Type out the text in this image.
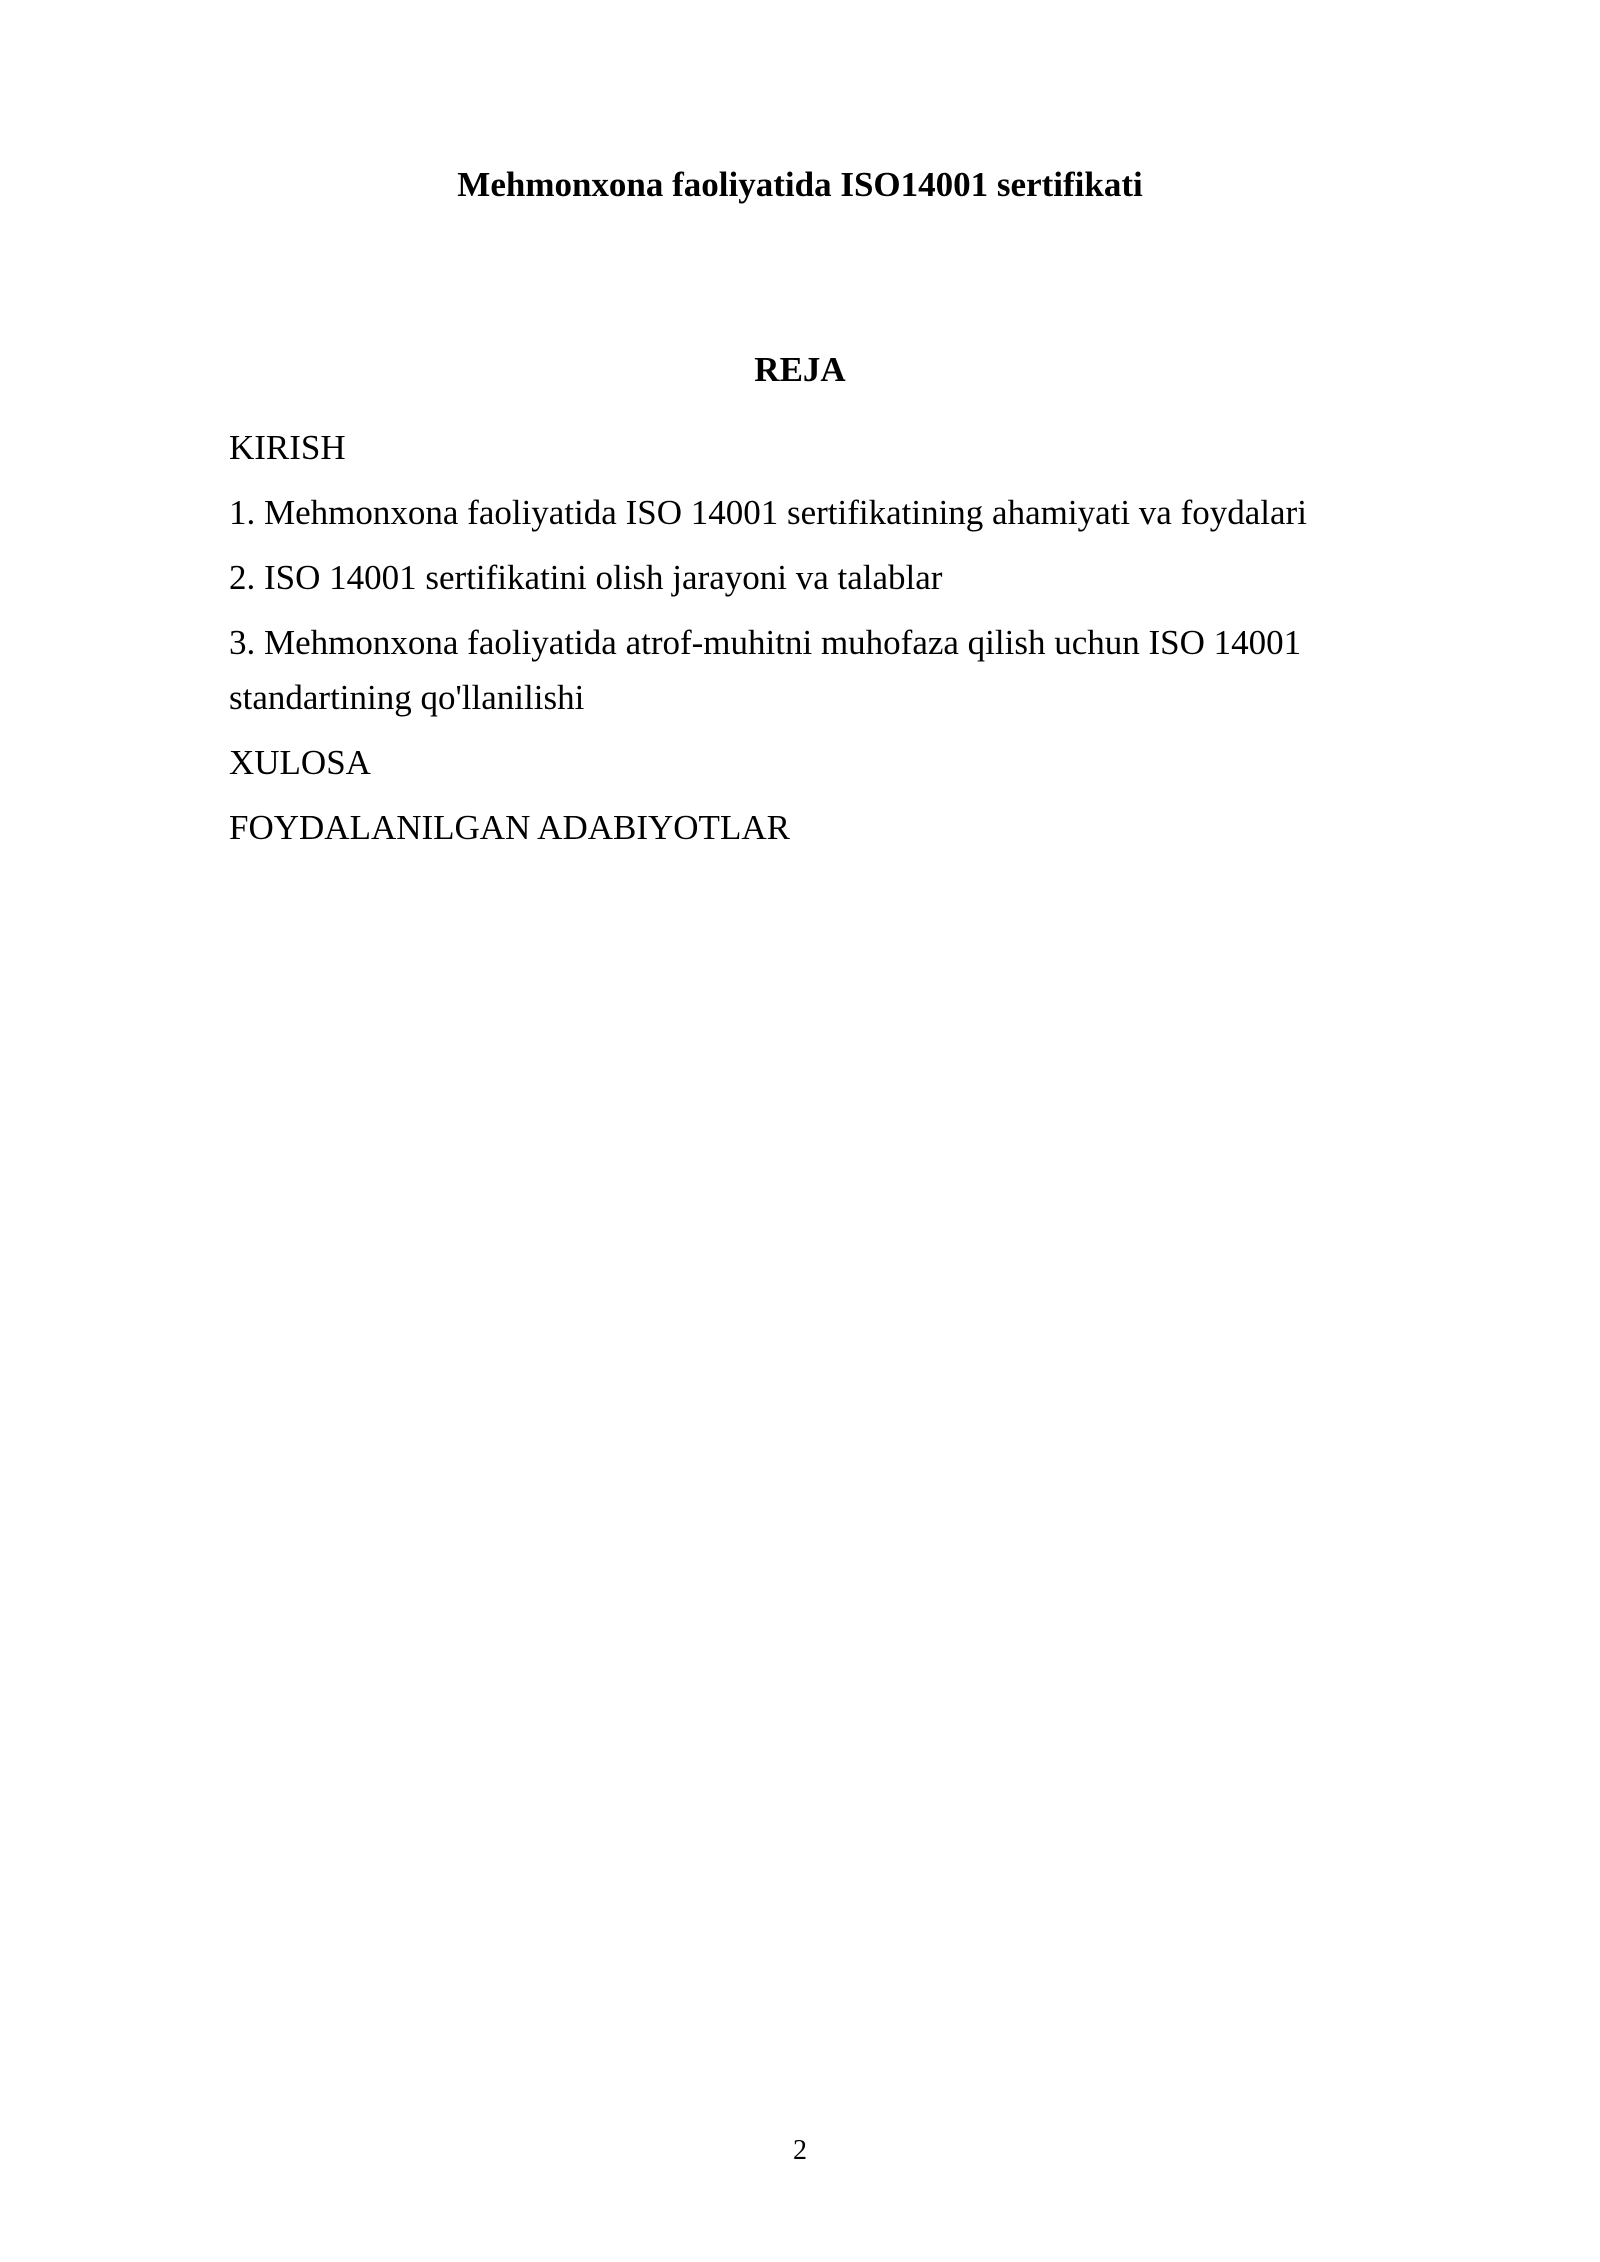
Mehmonxona faoliyatida ISO14001 sertifikati
REJA
KIRISH
1. Mehmonxona faoliyatida ISO 14001 sertifikatining ahamiyati va foydalari
2. ISO 14001 sertifikatini olish jarayoni va talablar
3. Mehmonxona faoliyatida atrof-muhitni muhofaza qilish uchun ISO 14001 standartining qo'llanilishi
XULOSA
FOYDALANILGAN ADABIYOTLAR
2
